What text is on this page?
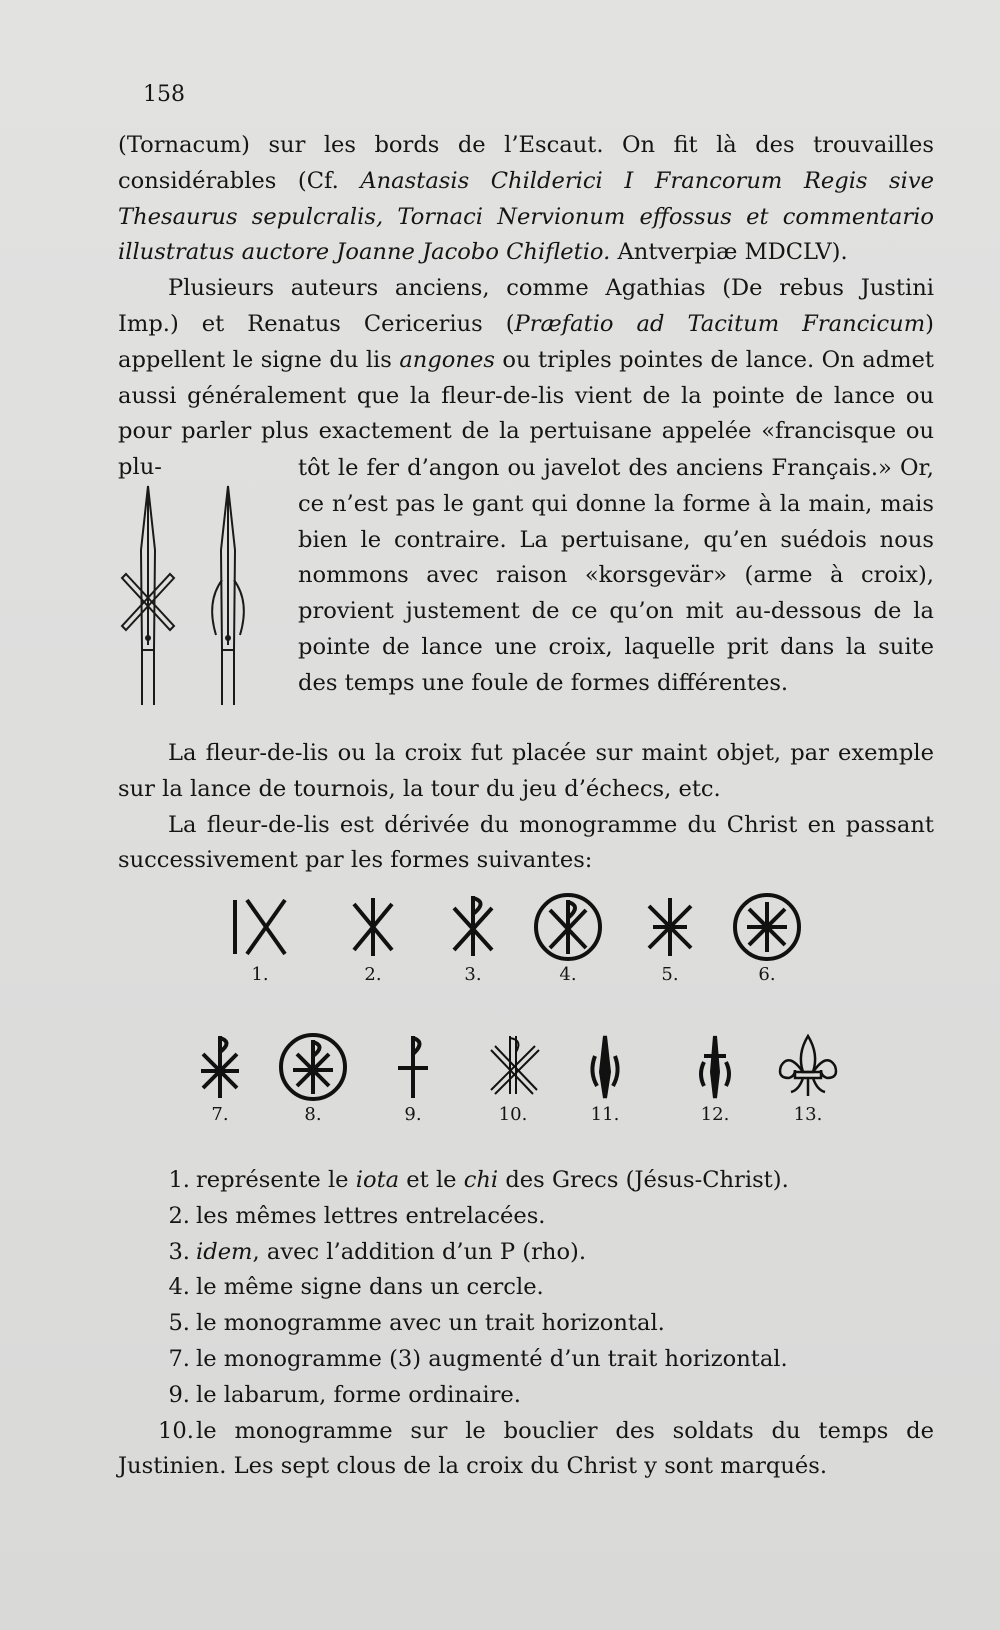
158

(Tornacum) sur les bords de l’Escaut. On fit là des trouvailles considérables (Cf. Anastasis Childerici I Francorum Regis sive Thesaurus sepulcralis, Tornaci Nervionum effossus et commentario illustratus auctore Joanne Jacobo Chifletio. Antverpiæ MDCLV).

Plusieurs auteurs anciens, comme Agathias (De rebus Justini Imp.) et Renatus Cericerius (Præfatio ad Tacitum Francicum) appellent le signe du lis angones ou triples pointes de lance. On admet aussi généralement que la fleur-de-lis vient de la pointe de lance ou pour parler plus exactement de la pertuisane appelée «francisque ou plu-	tôt le fer d’angon ou javelot des anciens Français.» Or, ce n’est pas le gant qui donne la forme à la main, mais bien le contraire. La pertuisane, qu’en suédois nous nommons avec raison «korsgevär» (arme à croix), provient justement de ce qu’on mit au-dessous de la pointe de lance une croix, laquelle prit dans la suite des temps une foule de formes différentes.

La fleur-de-lis ou la croix fut placée sur maint objet, par exemple sur la lance de tournois, la tour du jeu d’échecs, etc.

La fleur-de-lis est dérivée du monogramme du Christ en passant successivement par les formes suivantes:

1.	2.	3.	4.	5.	6.
7.	8.	9.	10.	11.	12.	13.

1. représente le iota et le chi des Grecs (Jésus-Christ).

2. les mêmes lettres entrelacées.

3. idem, avec l’addition d’un P (rho).

4. le même signe dans un cercle.

5. le monogramme avec un trait horizontal.

7. le monogramme (3) augmenté d’un trait horizontal.

9. le labarum, forme ordinaire.

10.le monogramme sur le bouclier des soldats du temps de Justinien. Les sept clous de la croix du Christ y sont marqués.
